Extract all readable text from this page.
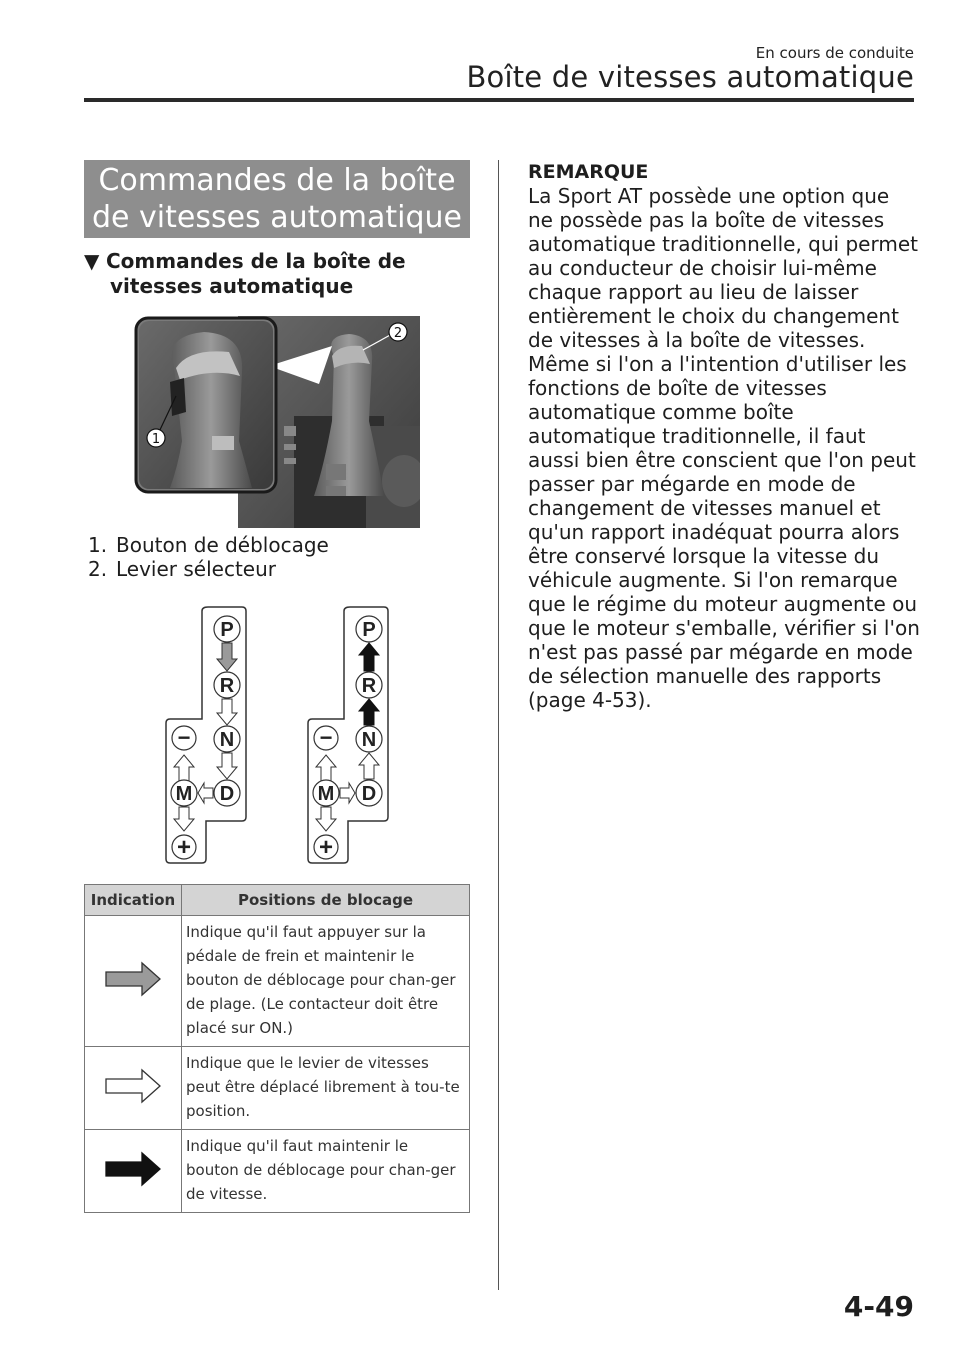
En cours de conduite
Boîte de vitesses automatique
Commandes de la boîte
de vitesses automatique
▼ Commandes de la boîte de
vitesses automatique
1
2
1. Bouton de déblocage
2. Levier sélecteur
P
R
N
D
−
M
+
P
R
N
D
−
M
+
Indication	Positions de blocage
	Indique qu'il faut appuyer sur la pédale de frein et maintenir le bouton de déblocage pour chan-ger de plage. (Le contacteur doit être placé sur ON.)
	Indique que le levier de vitesses peut être déplacé librement à tou-te position.
	Indique qu'il faut maintenir le bouton de déblocage pour chan-ger de vitesse.
REMARQUE
La Sport AT possède une option que ne possède pas la boîte de vitesses automatique traditionnelle, qui permet au conducteur de choisir lui-même chaque rapport au lieu de laisser entièrement le choix du changement de vitesses à la boîte de vitesses. Même si l'on a l'intention d'utiliser les fonctions de boîte de vitesses automatique comme boîte automatique traditionnelle, il faut aussi bien être conscient que l'on peut passer par mégarde en mode de changement de vitesses manuel et qu'un rapport inadéquat pourra alors être conservé lorsque la vitesse du véhicule augmente. Si l'on remarque que le régime du moteur augmente ou que le moteur s'emballe, vérifier si l'on n'est pas passé par mégarde en mode de sélection manuelle des rapports (page 4-53).
4-49
